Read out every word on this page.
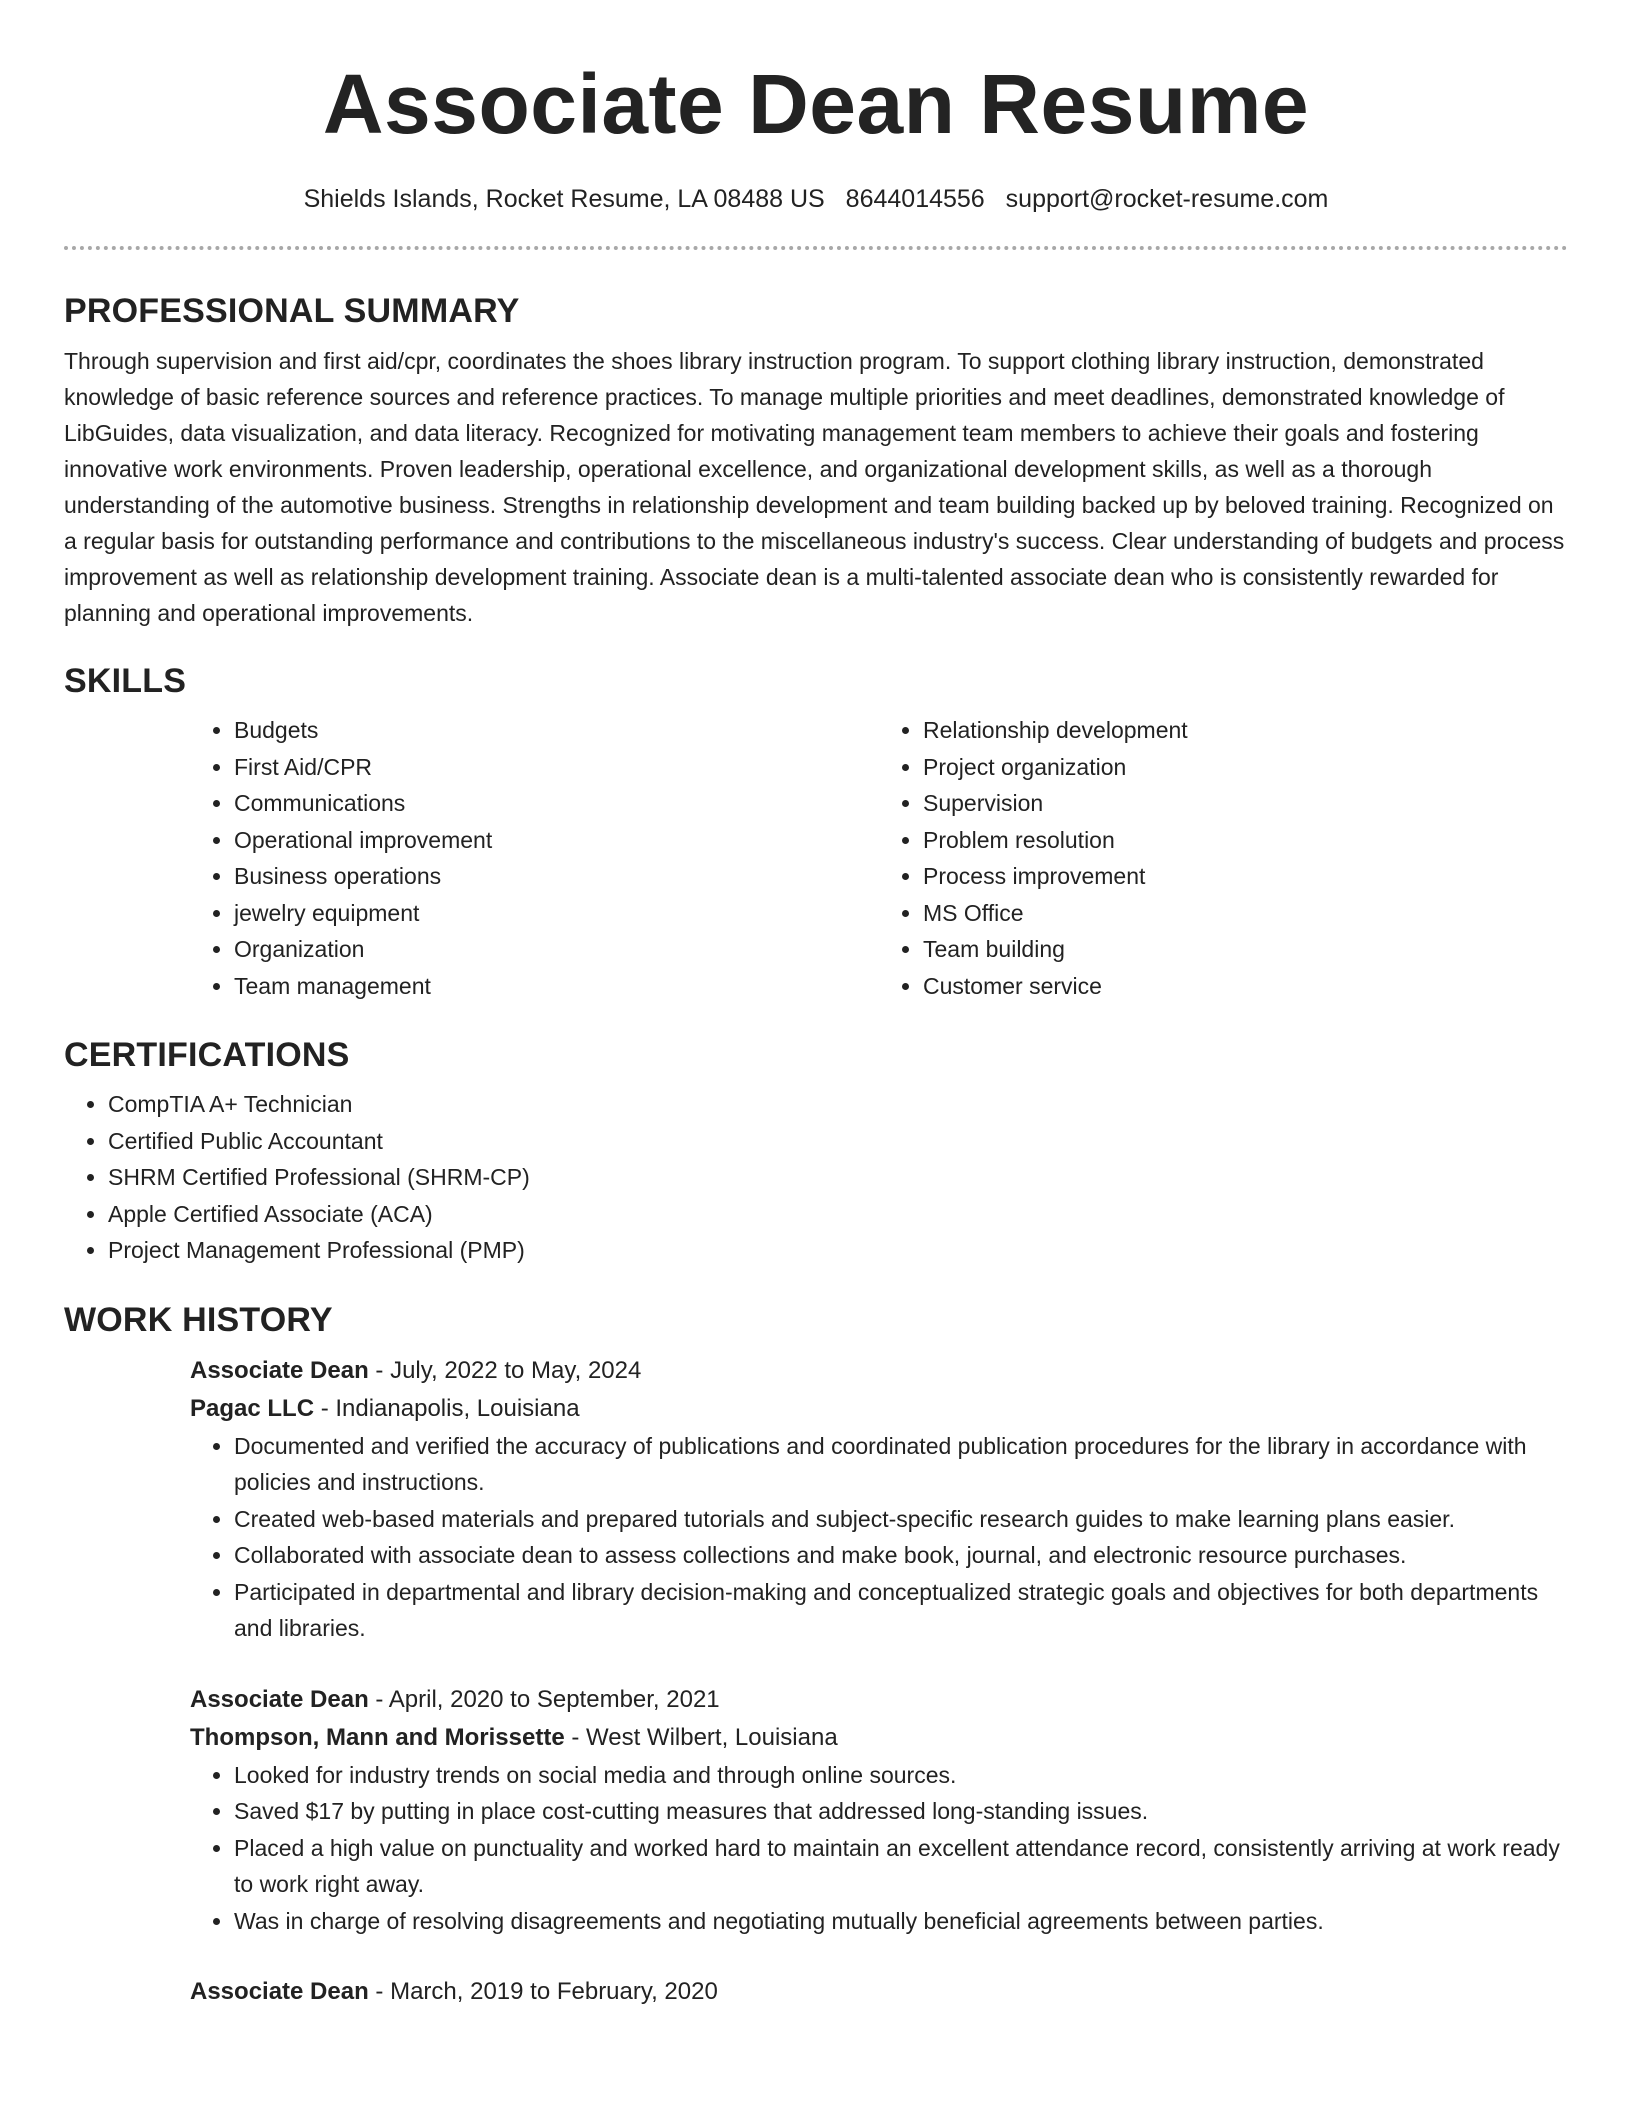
Associate Dean Resume
Shields Islands, Rocket Resume, LA 08488 US 8644014556 support@rocket-resume.com
PROFESSIONAL SUMMARY

Through supervision and first aid/cpr, coordinates the shoes library instruction program. To support clothing library instruction, demonstrated knowledge of basic reference sources and reference practices. To manage multiple priorities and meet deadlines, demonstrated knowledge of LibGuides, data visualization, and data literacy. Recognized for motivating management team members to achieve their goals and fostering innovative work environments. Proven leadership, operational excellence, and organizational development skills, as well as a thorough understanding of the automotive business. Strengths in relationship development and team building backed up by beloved training. Recognized on a regular basis for outstanding performance and contributions to the miscellaneous industry's success. Clear understanding of budgets and process improvement as well as relationship development training. Associate dean is a multi-talented associate dean who is consistently rewarded for planning and operational improvements.

SKILLS
• Budgets
• First Aid/CPR
• Communications
• Operational improvement
• Business operations
• jewelry equipment
• Organization
• Team management
• Relationship development
• Project organization
• Supervision
• Problem resolution
• Process improvement
• MS Office
• Team building
• Customer service
CERTIFICATIONS
• CompTIA A+ Technician
• Certified Public Accountant
• SHRM Certified Professional (SHRM-CP)
• Apple Certified Associate (ACA)
• Project Management Professional (PMP)
WORK HISTORY
Associate Dean - July, 2022 to May, 2024
Pagac LLC - Indianapolis, Louisiana
• Documented and verified the accuracy of publications and coordinated publication procedures for the library in accordance with policies and instructions.
• Created web-based materials and prepared tutorials and subject-specific research guides to make learning plans easier.
• Collaborated with associate dean to assess collections and make book, journal, and electronic resource purchases.
• Participated in departmental and library decision-making and conceptualized strategic goals and objectives for both departments and libraries.
Associate Dean - April, 2020 to September, 2021
Thompson, Mann and Morissette - West Wilbert, Louisiana
• Looked for industry trends on social media and through online sources.
• Saved $17 by putting in place cost-cutting measures that addressed long-standing issues.
• Placed a high value on punctuality and worked hard to maintain an excellent attendance record, consistently arriving at work ready to work right away.
• Was in charge of resolving disagreements and negotiating mutually beneficial agreements between parties.
Associate Dean - March, 2019 to February, 2020
